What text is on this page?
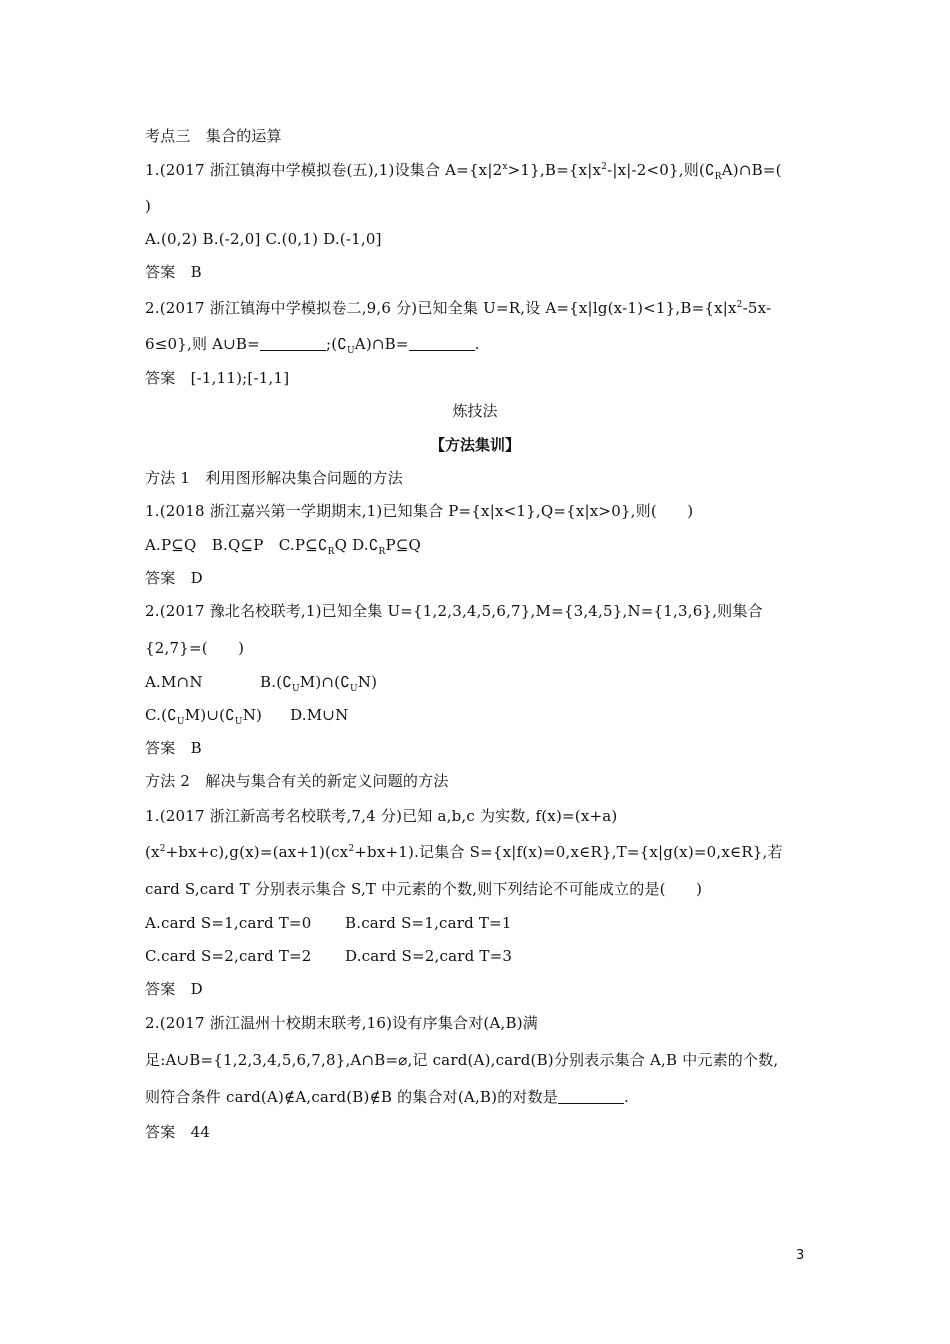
考点三　集合的运算
1.(2017 浙江镇海中学模拟卷(五),1)设集合 $A=\{x|2^x>1\},B=\{x|x^2-|x|-2<0\}$,则$(∁_RA)\cap B=$(
)
A.(0,2) B.(-2,0] C.(0,1) D.(-1,0]
答案　B
2.(2017 浙江镇海中学模拟卷二,9,6 分)已知全集 U=R,设 $A=\{x|\lg(x-1)<1\},B=\{x|x^2-5x-$
6≤0},则 A∪B=	$;(∁_UA)\cap B=$	.
答案　[-1,11);[-1,1]
炼技法
【方法集训】
方法 1　利用图形解决集合问题的方法
1.(2018 浙江嘉兴第一学期期末,1)已知集合 P={x|x<1},Q={x|x>0},则(　　)
A.P⊆Q　B.Q⊆P　$C.P⊆∁_RQ$ $D.∁_RP⊆Q$
答案　D
2.(2017 豫北名校联考,1)已知全集 U={1,2,3,4,5,6,7},M={3,4,5},N={1,3,6},则集合
{2,7}=(　　)
A.M∩N	$B.(∁_UM)\cap(∁_UN)$
$C.(∁_UM)\cup(∁_UN)$ D.M∪N
答案　B
方法 2　解决与集合有关的新定义问题的方法
1.(2017 浙江新高考名校联考,7,4 分)已知 a,b,c 为实数, f(x)=(x+a)
$(x^2+bx+c),g(x)=(ax+1)(cx^2+bx+1)$.记集合 S={x|f(x)=0,x∈R},T={x|g(x)=0,x∈R},若
card S,card T 分别表示集合 S,T 中元素的个数,则下列结论不可能成立的是(　　)
A.card S=1,card T=0 B.card S=1,card T=1
C.card S=2,card T=2 D.card S=2,card T=3
答案　D
2.(2017 浙江温州十校期末联考,16)设有序集合对(A,B)满
足:A∪B={1,2,3,4,5,6,7,8},A∩B=⌀,记 card(A),card(B)分别表示集合 A,B 中元素的个数,
则符合条件 card(A)∉A,card(B)∉B 的集合对(A,B)的对数是	.
答案　44
3
